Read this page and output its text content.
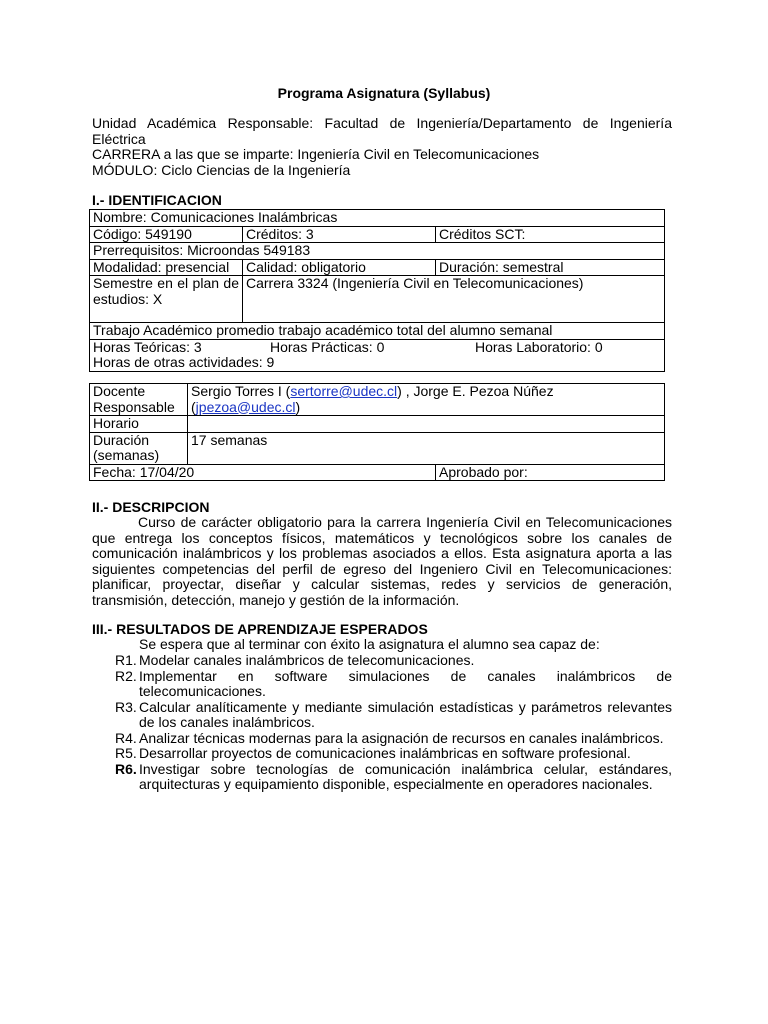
Programa Asignatura (Syllabus)
Unidad Académica Responsable: Facultad de Ingeniería/Departamento de Ingeniería Eléctrica
CARRERA a las que se imparte: Ingeniería Civil en Telecomunicaciones
MÓDULO: Ciclo Ciencias de la Ingeniería
I.- IDENTIFICACION
Nombre: Comunicaciones Inalámbricas		
Código: 549190	Créditos: 3	Créditos SCT:
Prerrequisitos: Microondas 549183		
Modalidad: presencial	Calidad: obligatorio	Duración: semestral
Semestre en el plan de estudios: X	Carrera 3324 (Ingeniería Civil en Telecomunicaciones)	
Trabajo Académico promedio trabajo académico total del alumno semanal		

Horas Teóricas: 3 Horas Prácticas: 0 Horas Laboratorio: 0
Horas de otras actividades: 9		
Docente Responsable	Sergio Torres I (sertorre@udec.cl) , Jorge E. Pezoa Núñez (jpezoa@udec.cl)	
Horario		
Duración (semanas)	17 semanas	
Fecha: 17/04/20		Aprobado por:
II.- DESCRIPCION
Curso de carácter obligatorio para la carrera Ingeniería Civil en Telecomunicaciones que entrega los conceptos físicos, matemáticos y tecnológicos sobre los canales de comunicación inalámbricos y los problemas asociados a ellos. Esta asignatura aporta a las siguientes competencias del perfil de egreso del Ingeniero Civil en Telecomunicaciones: planificar, proyectar, diseñar y calcular sistemas, redes y servicios de generación, transmisión, detección, manejo y gestión de la información.
III.- RESULTADOS DE APRENDIZAJE ESPERADOS
Se espera que al terminar con éxito la asignatura el alumno sea capaz de:
R1. Modelar canales inalámbricos de telecomunicaciones.
R2. Implementar en software simulaciones de canales inalámbricos de telecomunicaciones.
R3. Calcular analíticamente y mediante simulación estadísticas y parámetros relevantes de los canales inalámbricos.
R4. Analizar técnicas modernas para la asignación de recursos en canales inalámbricos.
R5. Desarrollar proyectos de comunicaciones inalámbricas en software profesional.
R6. Investigar sobre tecnologías de comunicación inalámbrica celular, estándares, arquitecturas y equipamiento disponible, especialmente en operadores nacionales.
